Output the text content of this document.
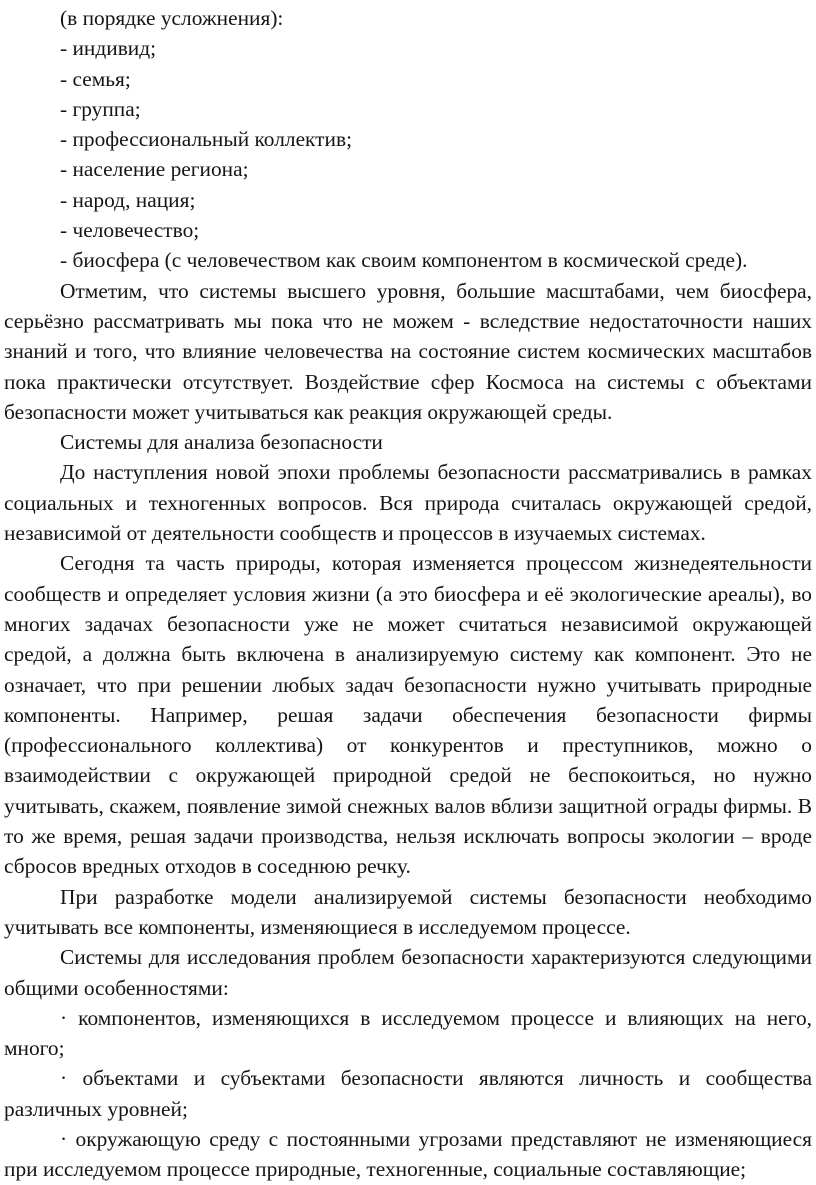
(в порядке усложнения):

- индивид;

- семья;

- группа;

- профессиональный коллектив;

- население региона;

- народ, нация;

- человечество;

- биосфера (с человечеством как своим компонентом в космической среде).

Отметим, что системы высшего уровня, большие масштабами, чем биосфера, серьёзно рассматривать мы пока что не можем - вследствие недостаточности наших знаний и того, что влияние человечества на состояние систем космических масштабов пока практически отсутствует. Воздействие сфер Космоса на системы с объектами безопасности может учитываться как реакция окружающей среды.

Системы для анализа безопасности

До наступления новой эпохи проблемы безопасности рассматривались в рамках социальных и техногенных вопросов. Вся природа считалась окружающей средой, независимой от деятельности сообществ и процессов в изучаемых системах.

Сегодня та часть природы, которая изменяется процессом жизнедеятельности сообществ и определяет условия жизни (а это биосфера и её экологические ареалы), во многих задачах безопасности уже не может считаться независимой окружающей средой, а должна быть включена в анализируемую систему как компонент. Это не означает, что при решении любых задач безопасности нужно учитывать природные компоненты. Например, решая задачи обеспечения безопасности фирмы (профессионального коллектива) от конкурентов и преступников, можно о взаимодействии с окружающей природной средой не беспокоиться, но нужно учитывать, скажем, появление зимой снежных валов вблизи защитной ограды фирмы. В то же время, решая задачи производства, нельзя исключать вопросы экологии – вроде сбросов вредных отходов в соседнюю речку.

При разработке модели анализируемой системы безопасности необходимо учитывать все компоненты, изменяющиеся в исследуемом процессе.

Системы для исследования проблем безопасности характеризуются следующими общими особенностями:

· компонентов, изменяющихся в исследуемом процессе и влияющих на него, много;

· объектами и субъектами безопасности являются личность и сообщества различных уровней;

· окружающую среду с постоянными угрозами представляют не изменяющиеся при исследуемом процессе природные, техногенные, социальные составляющие;
